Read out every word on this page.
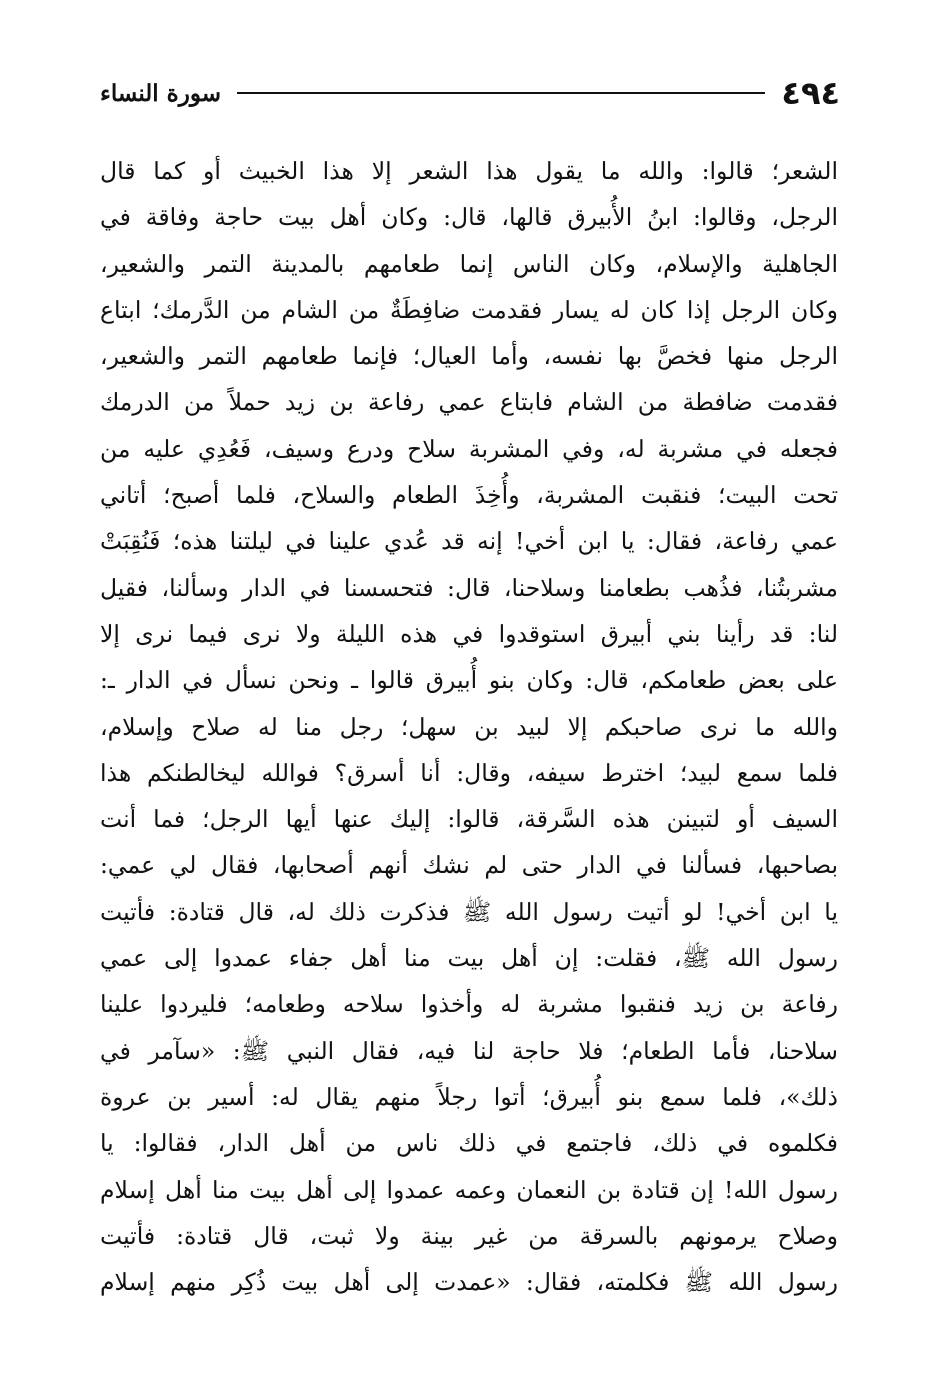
٤٩٤
سورة النساء
الشعر؛ قالوا: والله ما يقول هذا الشعر إلا هذا الخبيث أو كما قال
الرجل، وقالوا: ابنُ الأُبيرق قالها، قال: وكان أهل بيت حاجة وفاقة في
الجاهلية والإسلام، وكان الناس إنما طعامهم بالمدينة التمر والشعير،
وكان الرجل إذا كان له يسار فقدمت ضافِطَةٌ من الشام من الدَّرمك؛ ابتاع
الرجل منها فخصَّ بها نفسه، وأما العيال؛ فإنما طعامهم التمر والشعير،
فقدمت ضافطة من الشام فابتاع عمي رفاعة بن زيد حملاً من الدرمك
فجعله في مشربة له، وفي المشربة سلاح ودرع وسيف، فَعُدِي عليه من
تحت البيت؛ فنقبت المشربة، وأُخِذَ الطعام والسلاح، فلما أصبح؛ أتاني
عمي رفاعة، فقال: يا ابن أخي! إنه قد عُدي علينا في ليلتنا هذه؛ فَنُقِبَتْ
مشربتُنا، فذُهب بطعامنا وسلاحنا، قال: فتحسسنا في الدار وسألنا، فقيل
لنا: قد رأينا بني أبيرق استوقدوا في هذه الليلة ولا نرى فيما نرى إلا
على بعض طعامكم، قال: وكان بنو أُبيرق قالوا ـ ونحن نسأل في الدار ـ:
والله ما نرى صاحبكم إلا لبيد بن سهل؛ رجل منا له صلاح وإسلام،
فلما سمع لبيد؛ اخترط سيفه، وقال: أنا أسرق؟ فوالله ليخالطنكم هذا
السيف أو لتبينن هذه السَّرقة، قالوا: إليك عنها أيها الرجل؛ فما أنت
بصاحبها، فسألنا في الدار حتى لم نشك أنهم أصحابها، فقال لي عمي:
يا ابن أخي! لو أتيت رسول الله ﷺ فذكرت ذلك له، قال قتادة: فأتيت
رسول الله ﷺ، فقلت: إن أهل بيت منا أهل جفاء عمدوا إلى عمي
رفاعة بن زيد فنقبوا مشربة له وأخذوا سلاحه وطعامه؛ فليردوا علينا
سلاحنا، فأما الطعام؛ فلا حاجة لنا فيه، فقال النبي ﷺ: «سآمر في
ذلك»، فلما سمع بنو أُبيرق؛ أتوا رجلاً منهم يقال له: أسير بن عروة
فكلموه في ذلك، فاجتمع في ذلك ناس من أهل الدار، فقالوا: يا
رسول الله! إن قتادة بن النعمان وعمه عمدوا إلى أهل بيت منا أهل إسلام
وصلاح يرمونهم بالسرقة من غير بينة ولا ثبت، قال قتادة: فأتيت
رسول الله ﷺ فكلمته، فقال: «عمدت إلى أهل بيت ذُكِر منهم إسلام
